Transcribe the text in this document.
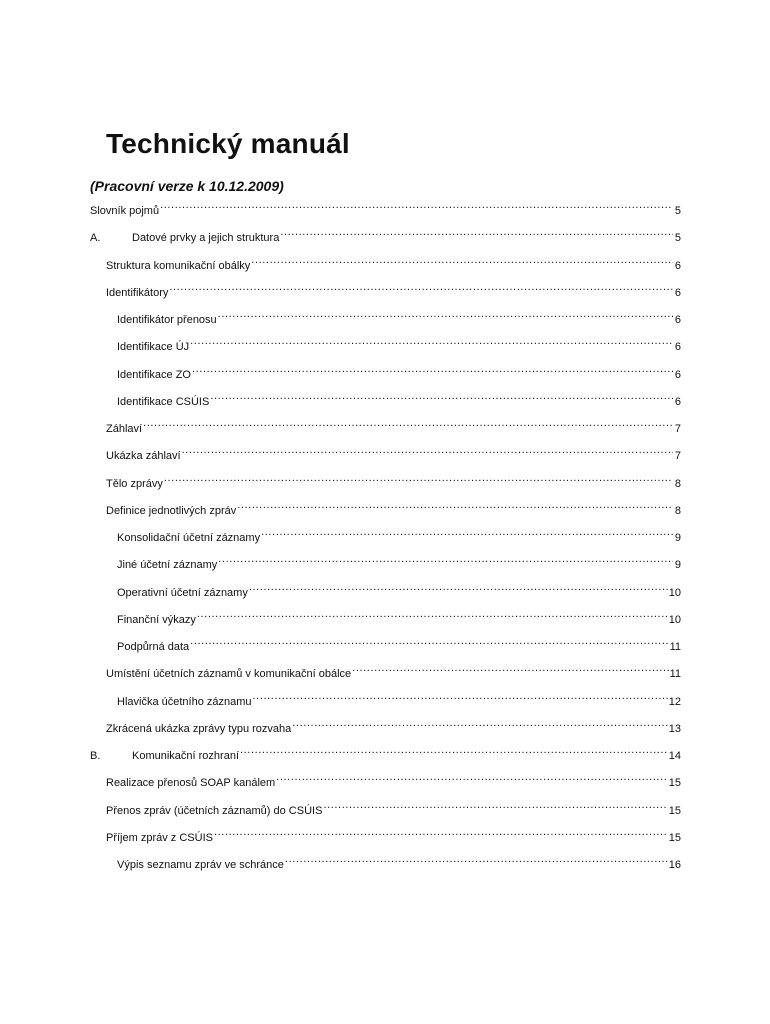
Technický manuál

(Pracovní verze k 10.12.2009)

Slovník pojmů .....	5
A.	Datové prvky a jejich struktura .....	5
Struktura komunikační obálky .....	6
Identifikátory .....	6
Identifikátor přenosu .....	6
Identifikace ÚJ .....	6
Identifikace ZO .....	6
Identifikace CSÚIS .....	6
Záhlaví .....	7
Ukázka záhlaví .....	7
Tělo zprávy .....	8
Definice jednotlivých zpráv .....	8
Konsolidační účetní záznamy .....	9
Jiné účetní záznamy .....	9
Operativní účetní záznamy .....	10
Finanční výkazy .....	10
Podpůrná data .....	11
Umístění účetních záznamů v komunikační obálce .....	11
Hlavička účetního záznamu .....	12
Zkrácená ukázka zprávy typu rozvaha .....	13
B.	Komunikační rozhraní .....	14
Realizace přenosů SOAP kanálem .....	15
Přenos zpráv (účetních záznamů) do CSÚIS .....	15
Příjem zpráv z CSÚIS .....	15
Výpis seznamu zpráv ve schránce .....	16
